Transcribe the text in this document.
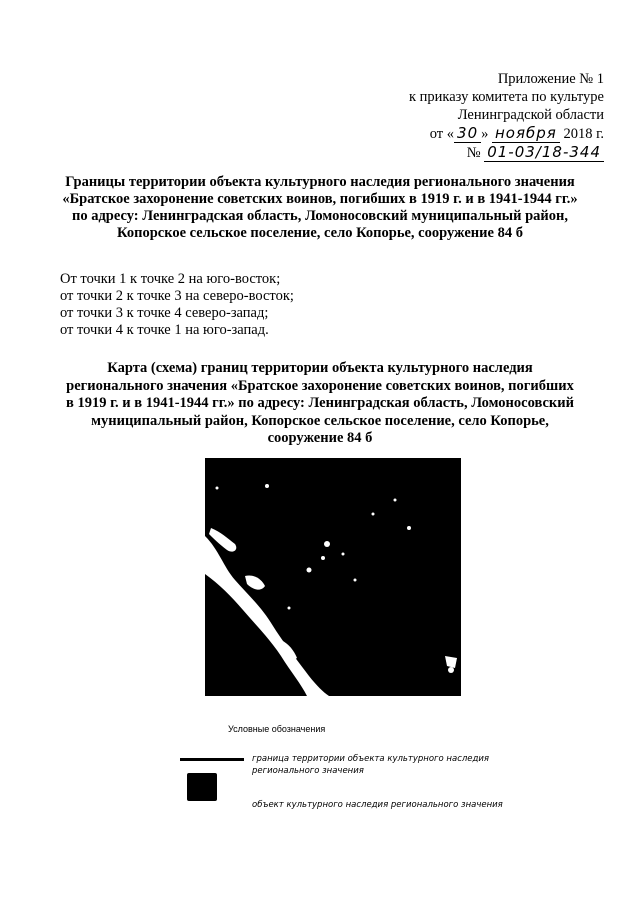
Приложение № 1
к приказу комитета по культуре
Ленинградской области
от « 30 » ноября 2018 г.
№ 01-03/18-344
Границы территории объекта культурного наследия регионального значения
«Братское захоронение советских воинов, погибших в 1919 г. и в 1941-1944 гг.»
по адресу: Ленинградская область, Ломоносовский муниципальный район,
Копорское сельское поселение, село Копорье, сооружение 84 б
От точки 1 к точке 2 на юго-восток;
от точки 2 к точке 3 на северо-восток;
от точки 3 к точке 4 северо-запад;
от точки 4 к точке 1 на юго-запад.
Карта (схема) границ территории объекта культурного наследия
регионального значения «Братское захоронение советских воинов, погибших
в 1919 г. и в 1941-1944 гг.» по адресу: Ленинградская область, Ломоносовский
муниципальный район, Копорское сельское поселение, село Копорье,
сооружение 84 б
Условные обозначения
граница территории объекта культурного наследия
регионального значения
объект культурного наследия регионального значения
